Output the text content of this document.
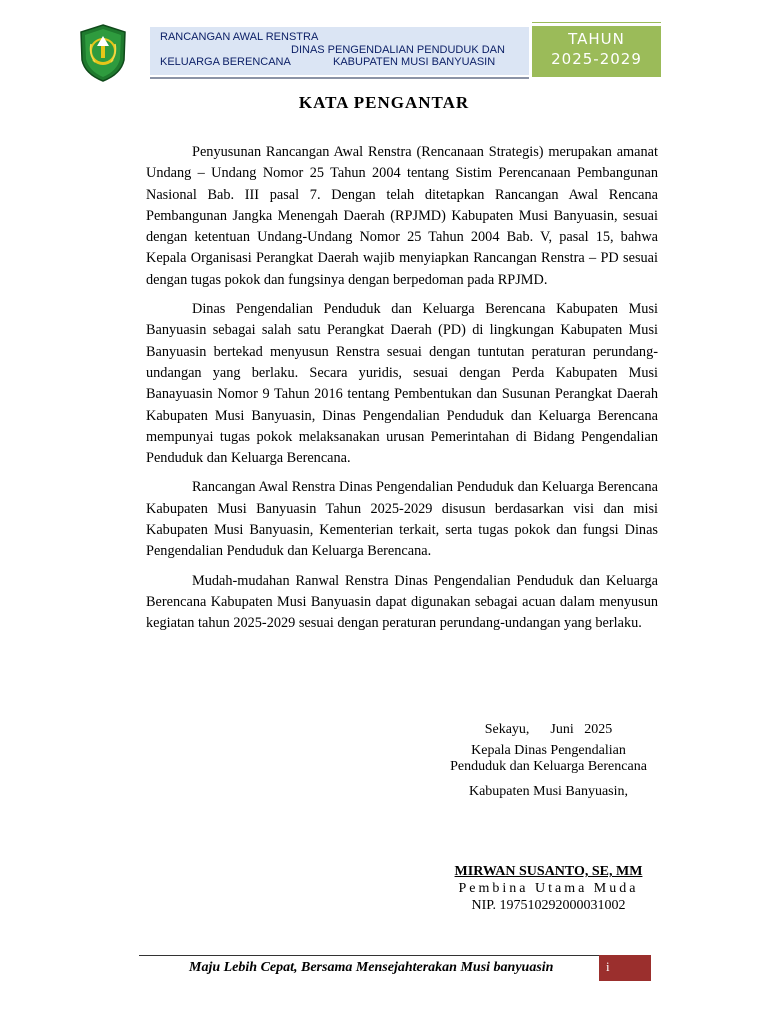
RANCANGAN AWAL RENSTRA
DINAS PENGENDALIAN PENDUDUK DAN
KELUARGA BERENCANA	KABUPATEN MUSI BANYUASIN
TAHUN
2025-2029
KATA PENGANTAR

Penyusunan Rancangan Awal Renstra (Rencanaan Strategis) merupakan amanat Undang – Undang Nomor 25 Tahun 2004 tentang Sistim Perencanaan Pembangunan Nasional Bab. III pasal 7. Dengan telah ditetapkan Rancangan Awal Rencana Pembangunan Jangka Menengah Daerah (RPJMD) Kabupaten Musi Banyuasin, sesuai dengan ketentuan Undang-Undang Nomor 25 Tahun 2004 Bab. V, pasal 15, bahwa Kepala Organisasi Perangkat Daerah wajib menyiapkan Rancangan Renstra – PD sesuai dengan tugas pokok dan fungsinya dengan berpedoman pada RPJMD.

Dinas Pengendalian Penduduk dan Keluarga Berencana Kabupaten Musi Banyuasin sebagai salah satu Perangkat Daerah (PD) di lingkungan Kabupaten Musi Banyuasin bertekad menyusun Renstra sesuai dengan tuntutan peraturan perundang-undangan yang berlaku. Secara yuridis, sesuai dengan Perda Kabupaten Musi Banayuasin Nomor 9 Tahun 2016 tentang Pembentukan dan Susunan Perangkat Daerah Kabupaten Musi Banyuasin, Dinas Pengendalian Penduduk dan Keluarga Berencana mempunyai tugas pokok melaksanakan urusan Pemerintahan di Bidang Pengendalian Penduduk dan Keluarga Berencana.

Rancangan Awal Renstra Dinas Pengendalian Penduduk dan Keluarga Berencana Kabupaten Musi Banyuasin Tahun 2025-2029 disusun berdasarkan visi dan misi Kabupaten Musi Banyuasin, Kementerian terkait, serta tugas pokok dan fungsi Dinas Pengendalian Penduduk dan Keluarga Berencana.

Mudah-mudahan Ranwal Renstra Dinas Pengendalian Penduduk dan Keluarga Berencana Kabupaten Musi Banyuasin dapat digunakan sebagai acuan dalam menyusun kegiatan tahun 2025-2029 sesuai dengan peraturan perundang-undangan yang berlaku.

Sekayu,      Juni   2025
Kepala Dinas Pengendalian
Penduduk dan Keluarga Berencana
Kabupaten Musi Banyuasin,
MIRWAN SUSANTO, SE, MM
Pembina Utama Muda
NIP. 197510292000031002
Maju Lebih Cepat, Bersama Mensejahterakan Musi banyuasin	i
